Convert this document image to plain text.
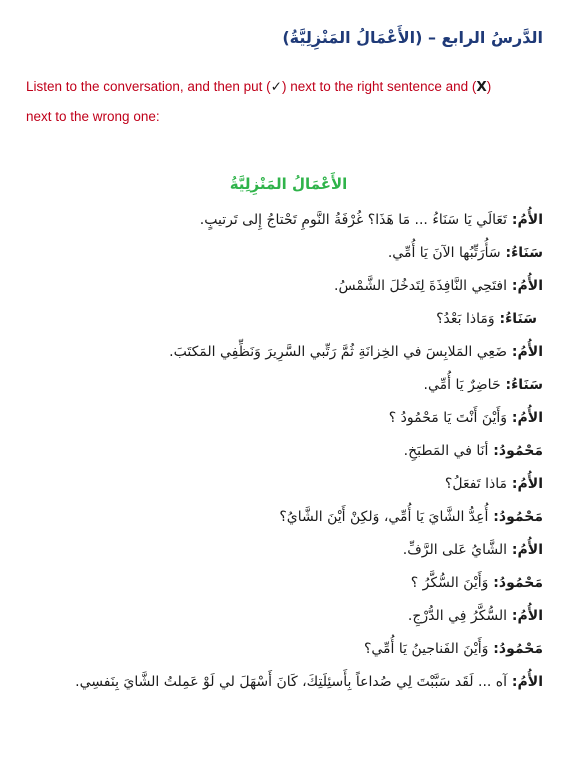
الدَّرسُ الرابع – (الأَعْمَالُ المَنْزِلِيَّةُ)
Listen to the conversation, and then put (✓) next to the right sentence and (X)
next to the wrong one:
الأَعْمَالُ المَنْزِلِيَّةُ
الأُمُ: تَعَالَي يَا سَنَاءُ ... مَا هَذَا؟ غُرْفَةُ النَّومِ تَحْتاجُ إِلى تَرتيبٍ.
سَنَاءُ: سَأُرَتِّبُها الآنَ يَا أُمِّي.
الأُمُ: افتَحِي النَّافِذَةَ لِتَدخُلَ الشَّمْسُ.
سَنَاءُ: وَمَاذا بَعْدُ؟
الأُمُ: ضَعِي المَلابِسَ في الخِزانَةِ ثُمَّ رَتِّبي السَّرِيرَ وَنَظِّفِي المَكتَبَ.
سَنَاءُ: حَاضِرٌ يَا أُمِّي.
الأُمُ: وَأَيْنَ أَنْتَ يَا مَحْمُودُ ؟
مَحْمُودُ: أنَا في المَطبَخِ.
الأُمُ: مَاذا تَفعَلُ؟
مَحْمُودُ: أُعِدُّ الشَّايَ يَا أُمِّي، وَلكِنْ أَيْنَ الشَّايُ؟
الأُمُ: الشَّايُ عَلى الرَّفِّ.
مَحْمُودُ: وَأَيْنَ السُّكَّرُ ؟
الأُمُ: السُّكَّرُ فِي الدُّرْجِ.
مَحْمُودُ: وَأَيْنَ الفَناجينُ يَا أُمِّي؟
الأُمُ: آه ... لَقَد سَبَّبْتَ لِي صُداعاً بِأَسئِلَتِكَ، كَانَ أَسْهَلَ لي لَوْ عَمِلتُ الشَّايَ بِنَفسِي.
